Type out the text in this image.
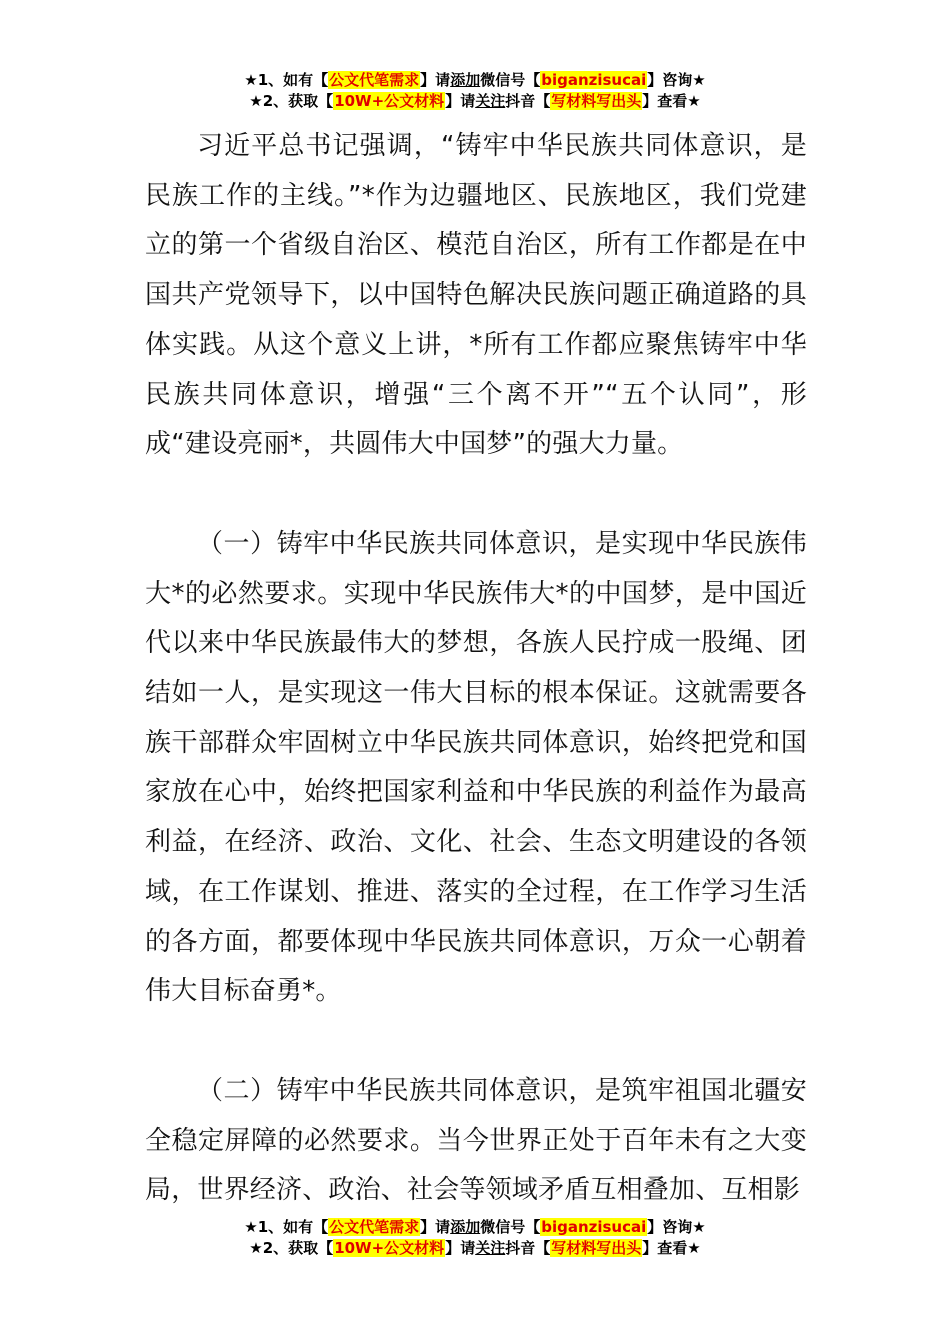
★1、如有【公文代笔需求】请添加微信号【biganzisucai】咨询★
★2、获取【10W+公文材料】请关注抖音【写材料写出头】查看★

习近平总书记强调，“铸牢中华民族共同体意识，是民族工作的主线。”*作为边疆地区、民族地区，我们党建立的第一个省级自治区、模范自治区，所有工作都是在中国共产党领导下，以中国特色解决民族问题正确道路的具体实践。从这个意义上讲，*所有工作都应聚焦铸牢中华民族共同体意识，增强“三个离不开”“五个认同”，形成“建设亮丽*，共圆伟大中国梦”的强大力量。

（一）铸牢中华民族共同体意识，是实现中华民族伟大*的必然要求。实现中华民族伟大*的中国梦，是中国近代以来中华民族最伟大的梦想，各族人民拧成一股绳、团结如一人，是实现这一伟大目标的根本保证。这就需要各族干部群众牢固树立中华民族共同体意识，始终把党和国家放在心中，始终把国家利益和中华民族的利益作为最高利益，在经济、政治、文化、社会、生态文明建设的各领域，在工作谋划、推进、落实的全过程，在工作学习生活的各方面，都要体现中华民族共同体意识，万众一心朝着伟大目标奋勇*。

（二）铸牢中华民族共同体意识，是筑牢祖国北疆安全稳定屏障的必然要求。当今世界正处于百年未有之大变局，世界经济、政治、社会等领域矛盾互相叠加、互相影

★1、如有【公文代笔需求】请添加微信号【biganzisucai】咨询★
★2、获取【10W+公文材料】请关注抖音【写材料写出头】查看★
